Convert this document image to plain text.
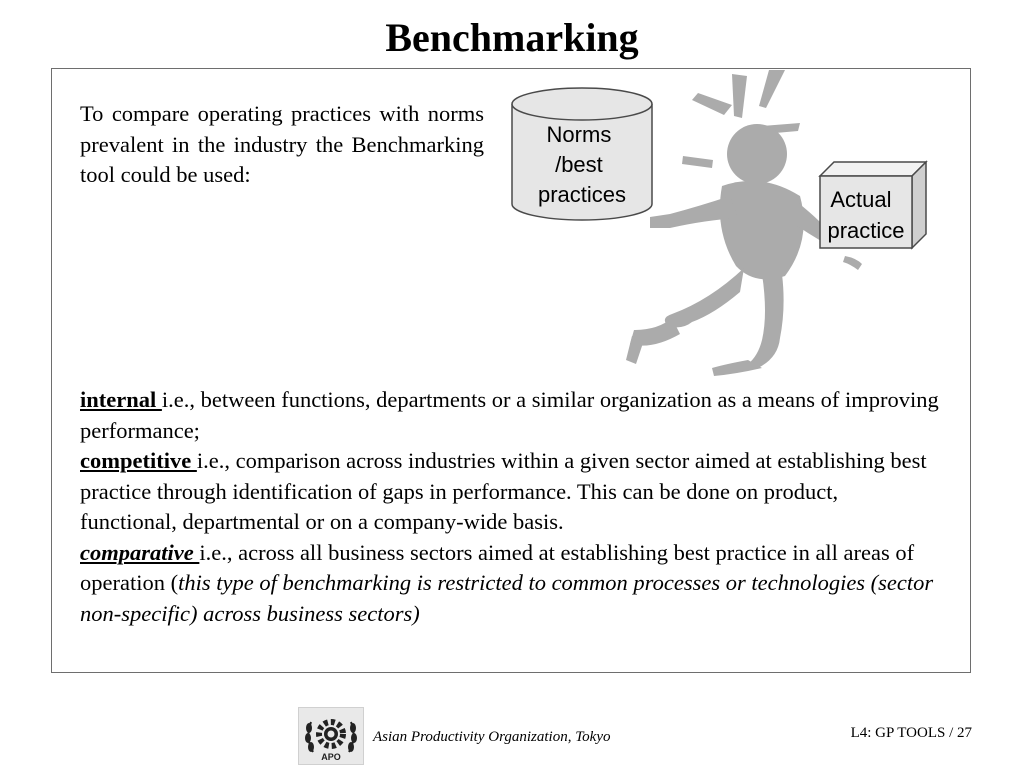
Benchmarking

To compare operating practices with norms prevalent in the industry the Benchmarking tool could be used:

internal i.e., between functions, departments or a similar organization as a means of improving performance;
competitive i.e., comparison across industries within a given sector aimed at establishing best practice through identification of gaps in performance. This can be done on product, functional, departmental or on a company-wide basis.
comparative i.e., across all business sectors aimed at establishing best practice in all areas of operation (this type of benchmarking is restricted to common processes or technologies (sector non-specific) across business sectors)

Norms /best practices	Actual practice
APO
Asian Productivity Organization, Tokyo	L4: GP TOOLS / 27
